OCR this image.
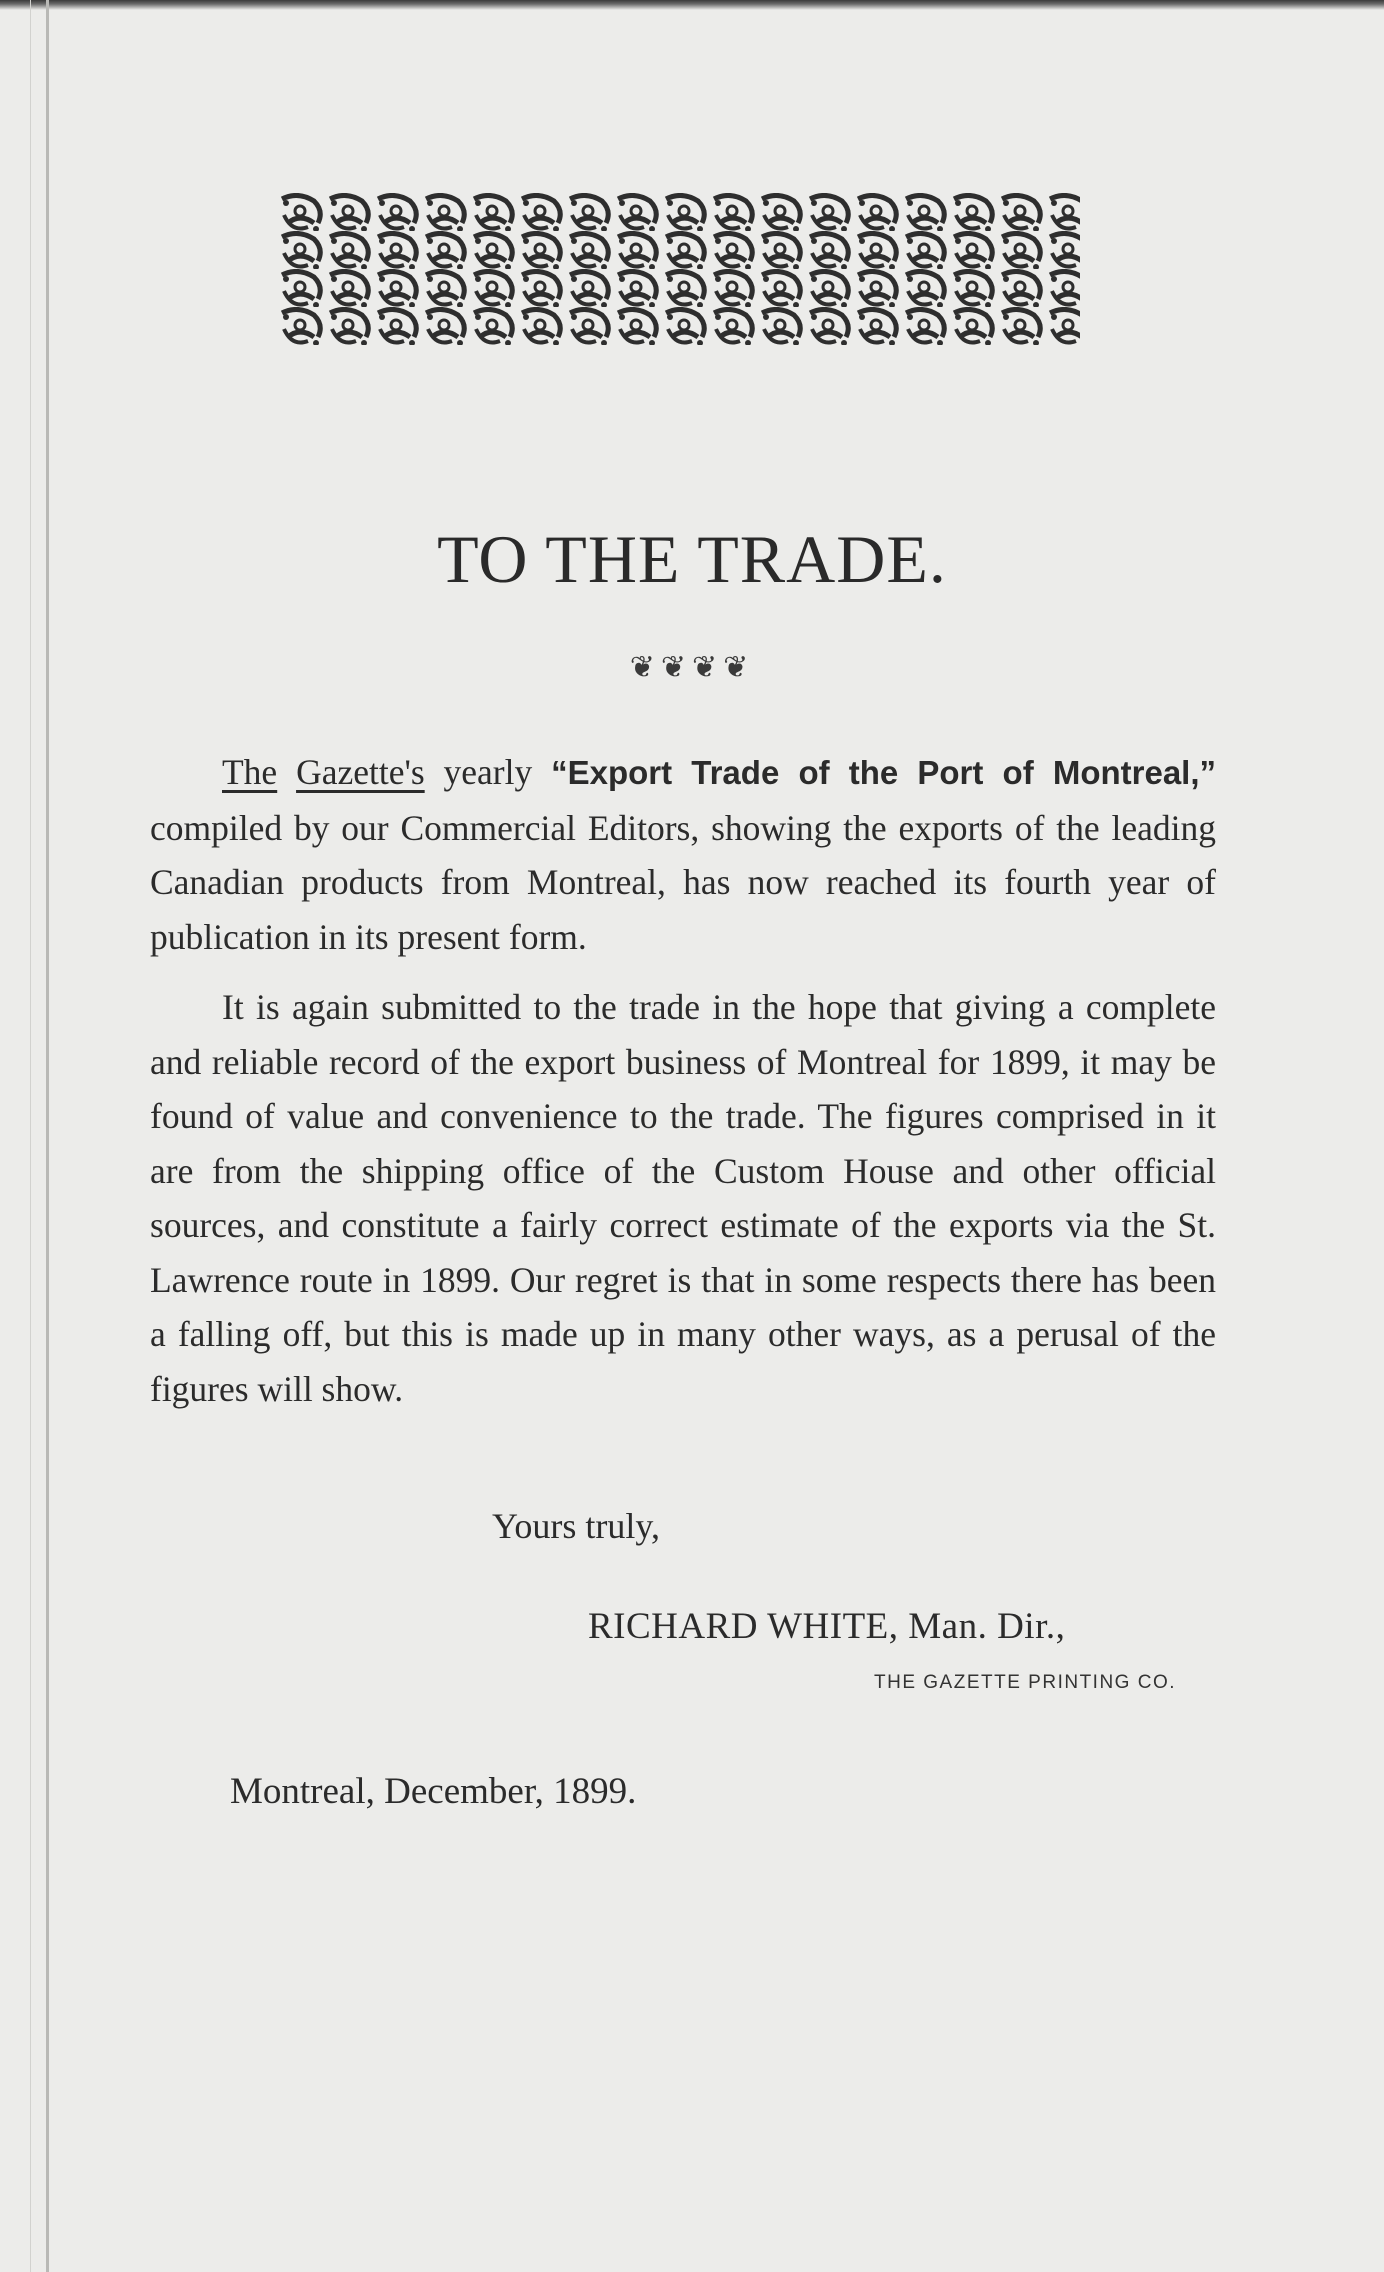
TO THE TRADE.
❦❦❦❦

The Gazette's yearly “Export Trade of the Port of Montreal,” compiled by our Commercial Editors, showing the exports of the leading Canadian products from Montreal, has now reached its fourth year of publication in its present form.

It is again submitted to the trade in the hope that giving a complete and reliable record of the export business of Montreal for 1899, it may be found of value and convenience to the trade. The figures comprised in it are from the shipping office of the Custom House and other official sources, and constitute a fairly correct estimate of the exports via the St. Lawrence route in 1899. Our regret is that in some respects there has been a falling off, but this is made up in many other ways, as a perusal of the figures will show.

Yours truly,
RICHARD WHITE, Man. Dir.,
THE GAZETTE PRINTING CO.
Montreal, December, 1899.
